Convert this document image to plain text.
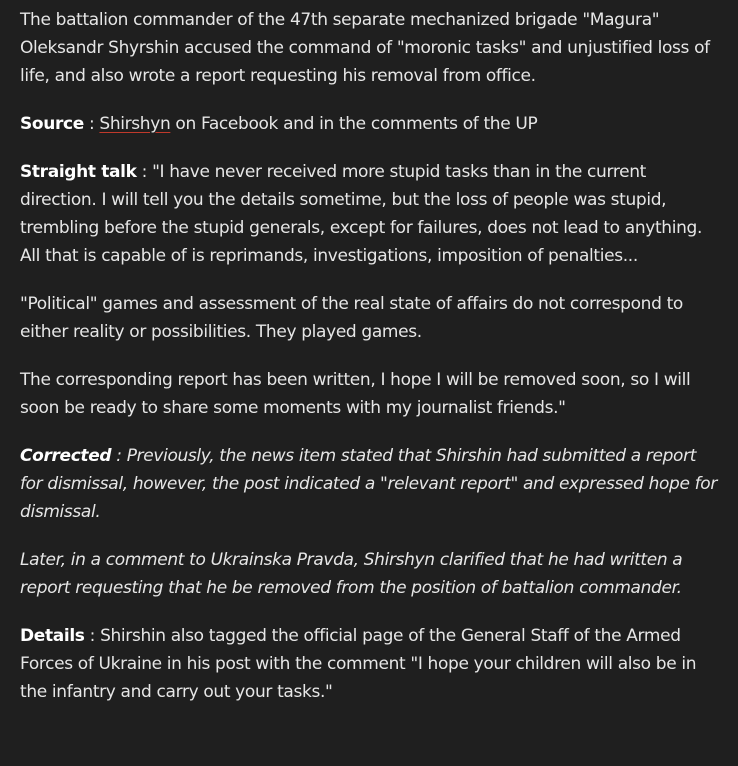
The battalion commander of the 47th separate mechanized brigade "Magura" Oleksandr Shyrshin accused the command of "moronic tasks" and unjustified loss of life, and also wrote a report requesting his removal from office.

Source : Shirshyn on Facebook and in the comments of the UP

Straight talk : "I have never received more stupid tasks than in the current direction. I will tell you the details sometime, but the loss of people was stupid, trembling before the stupid generals, except for failures, does not lead to anything. All that is capable of is reprimands, investigations, imposition of penalties...

"Political" games and assessment of the real state of affairs do not correspond to either reality or possibilities. They played games.

The corresponding report has been written, I hope I will be removed soon, so I will soon be ready to share some moments with my journalist friends."

Corrected : Previously, the news item stated that Shirshin had submitted a report for dismissal, however, the post indicated a "relevant report" and expressed hope for dismissal.

Later, in a comment to Ukrainska Pravda, Shirshyn clarified that he had written a report requesting that he be removed from the position of battalion commander.

Details : Shirshin also tagged the official page of the General Staff of the Armed Forces of Ukraine in his post with the comment "I hope your children will also be in the infantry and carry out your tasks."
